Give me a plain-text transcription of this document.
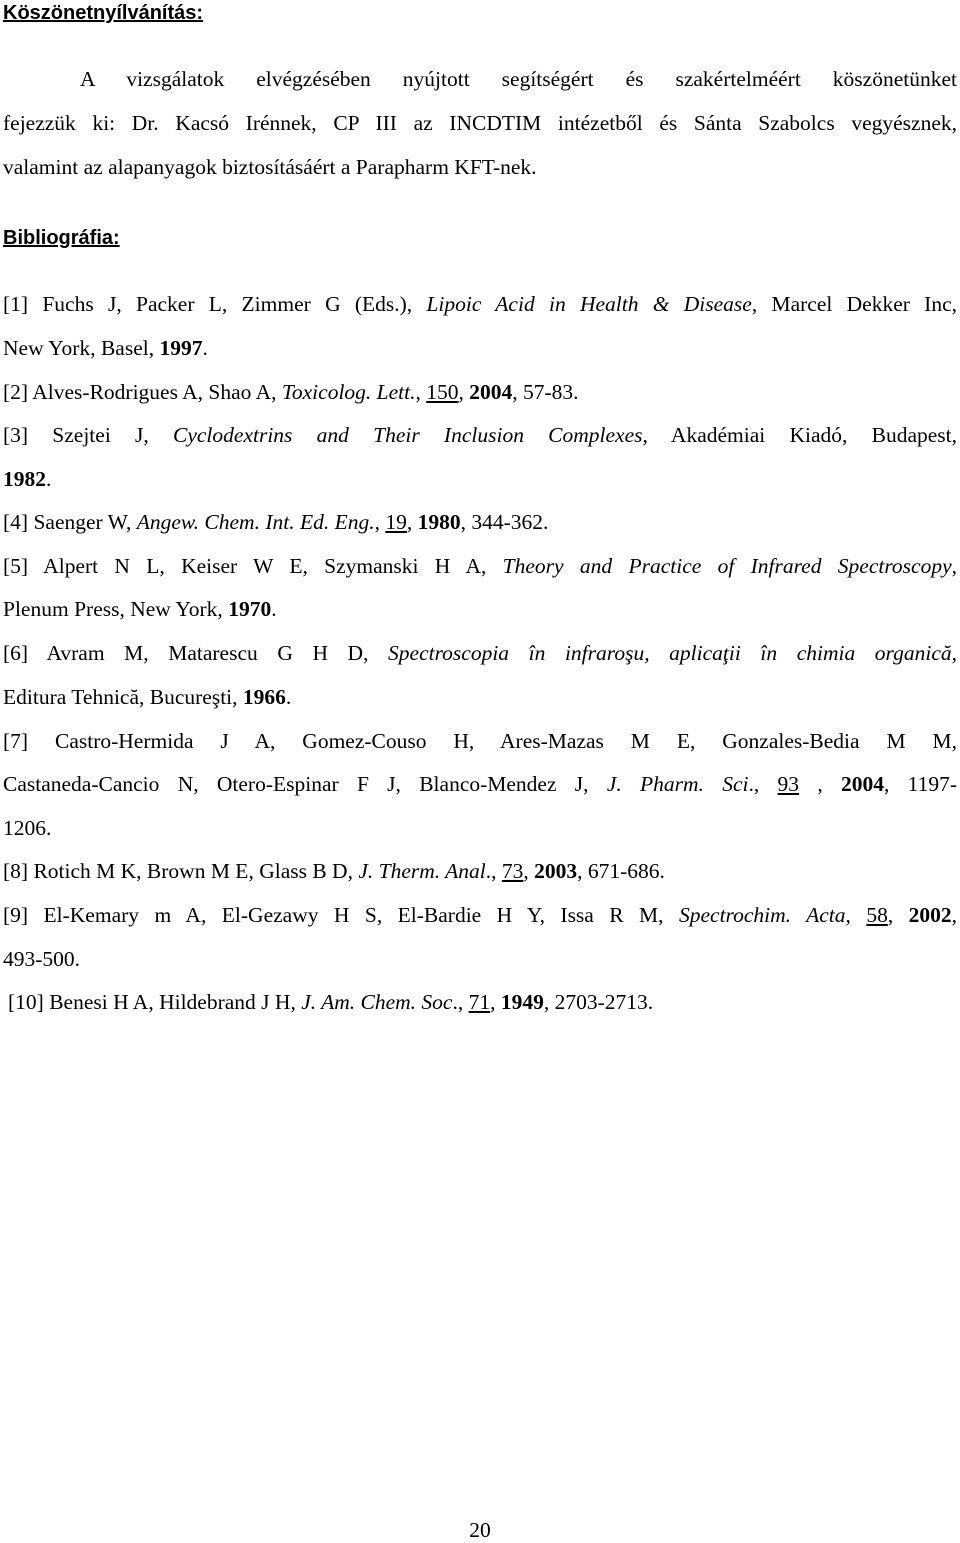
Köszönetnyílvánítás:
A vizsgálatok elvégzésében nyújtott segítségért és szakértelméért köszönetünket
fejezzük ki: Dr. Kacsó Irénnek, CP III az INCDTIM intézetből és Sánta Szabolcs vegyésznek,
valamint az alapanyagok biztosításáért a Parapharm KFT-nek.
Bibliográfia:
[1] Fuchs J, Packer L, Zimmer G (Eds.), Lipoic Acid in Health & Disease, Marcel Dekker Inc,
New York, Basel, 1997.
[2] Alves-Rodrigues A, Shao A, Toxicolog. Lett., 150, 2004, 57-83.
[3] Szejtei J, Cyclodextrins and Their Inclusion Complexes, Akadémiai Kiadó, Budapest,
1982.
[4] Saenger W, Angew. Chem. Int. Ed. Eng., 19, 1980, 344-362.
[5] Alpert N L, Keiser W E, Szymanski H A, Theory and Practice of Infrared Spectroscopy,
Plenum Press, New York, 1970.
[6] Avram M, Matarescu G H D, Spectroscopia în infraroşu, aplicaţii în chimia organică,
Editura Tehnică, Bucureşti, 1966.
[7] Castro-Hermida J A, Gomez-Couso H, Ares-Mazas M E, Gonzales-Bedia M M,
Castaneda-Cancio N, Otero-Espinar F J, Blanco-Mendez J, J. Pharm. Sci., 93 , 2004, 1197-
1206.
[8] Rotich M K, Brown M E, Glass B D, J. Therm. Anal., 73, 2003, 671-686.
[9] El-Kemary m A, El-Gezawy H S, El-Bardie H Y, Issa R M, Spectrochim. Acta, 58, 2002,
493-500.
[10] Benesi H A, Hildebrand J H, J. Am. Chem. Soc., 71, 1949, 2703-2713.
20
